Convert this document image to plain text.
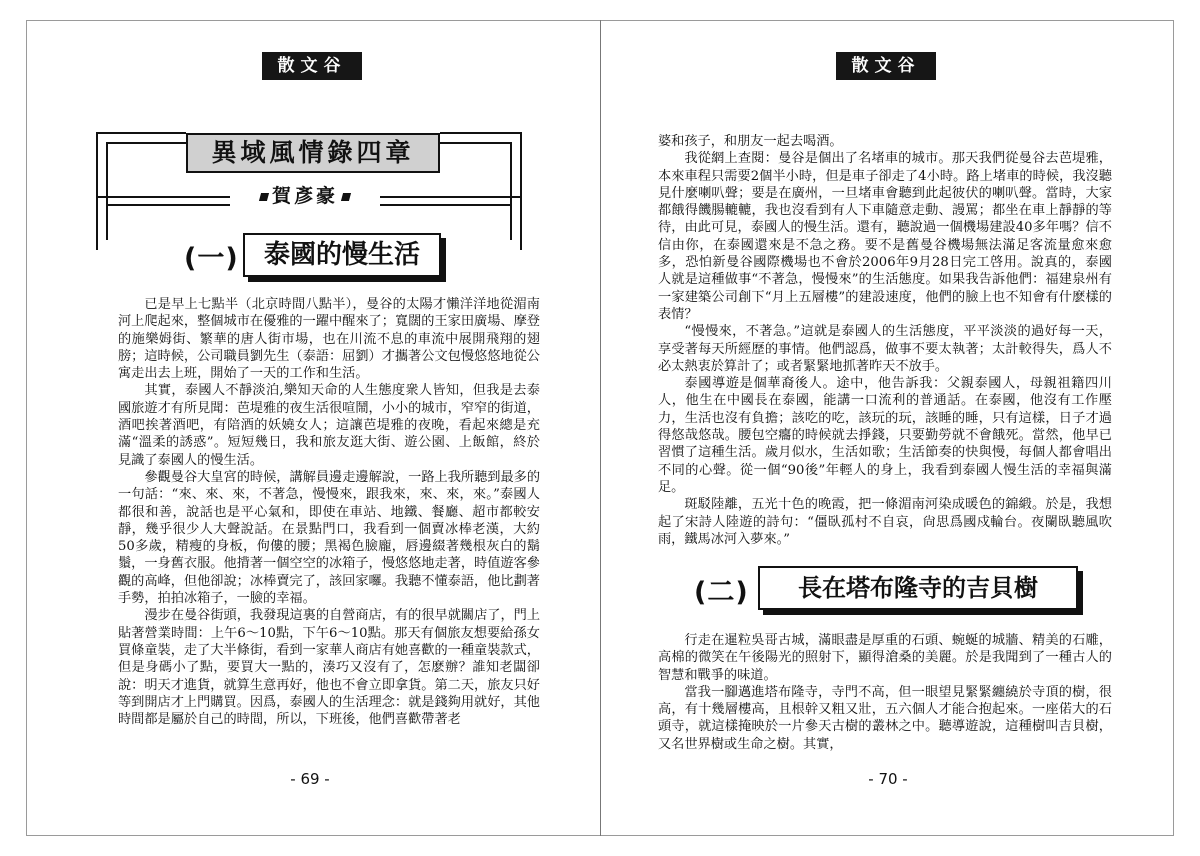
散文谷
異域風情錄四章
賀彥豪
(一) 泰國的慢生活

已是早上七點半（北京時間八點半），曼谷的太陽才懶洋洋地從湄南河上爬起來，整個城市在優雅的一躍中醒來了；寬闊的王家田廣場、摩登的施樂姆街、繁華的唐人街市場，也在川流不息的車流中展開飛翔的翅膀；這時候，公司職員劉先生（泰語：屈劉）才攜著公文包慢悠悠地從公寓走出去上班，開始了一天的工作和生活。

其實，泰國人不靜淡泊,樂知天命的人生態度衆人皆知，但我是去泰國旅遊才有所見聞：芭堤雅的夜生活很喧鬧，小小的城市，窄窄的街道，酒吧挨著酒吧，有陪酒的妖嬈女人；這讓芭堤雅的夜晚，看起來總是充滿“溫柔的誘惑”。短短幾日，我和旅友逛大街、遊公園、上飯館，終於見識了泰國人的慢生活。

參觀曼谷大皇宮的時候，講解員邊走邊解說，一路上我所聽到最多的一句話：“來、來、來，不著急，慢慢來，跟我來，來、來，來。”泰國人都很和善，說話也是平心氣和，即使在車站、地鐵、餐廳、超市都較安靜，幾乎很少人大聲說話。在景點門口，我看到一個賣冰棒老漢，大約50多歲，精瘦的身板，佝僂的腰；黑褐色臉龐，唇邊綴著幾根灰白的鬍鬚，一身舊衣服。他揹著一個空空的冰箱子，慢悠悠地走著，時值遊客參觀的高峰，但他卻說；冰棒賣完了，該回家囉。我聽不懂泰語，他比劃著手勢，拍拍冰箱子，一臉的幸福。

漫步在曼谷街頭，我發現這裏的自營商店，有的很早就關店了，門上貼著營業時間：上午6～10點，下午6～10點。那天有個旅友想要給孫女買條童裝，走了大半條街，看到一家華人商店有她喜歡的一種童裝款式，但是身碼小了點，要買大一點的，湊巧又沒有了，怎麽辦？誰知老闆卻說：明天才進貨，就算生意再好，他也不會立即拿貨。第二天，旅友只好等到開店才上門購買。因爲，泰國人的生活理念：就是錢夠用就好，其他時間都是屬於自己的時間，所以，下班後，他們喜歡帶著老

- 69 -
散文谷

婆和孩子，和朋友一起去喝酒。

我從網上查閱：曼谷是個出了名堵車的城市。那天我們從曼谷去芭堤雅，本來車程只需要2個半小時，但是車子卻走了4小時。路上堵車的時候，我沒聽見什麼喇叭聲；要是在廣州，一旦堵車會聽到此起彼伏的喇叭聲。當時，大家都餓得饑腸轆轆，我也沒看到有人下車隨意走動、謾罵；都坐在車上靜靜的等待，由此可見，泰國人的慢生活。還有，聽說過一個機場建設40多年嗎？信不信由你，在泰國還來是不急之務。要不是舊曼谷機場無法滿足客流量愈來愈多，恐怕新曼谷國際機場也不會於2006年9月28日完工啓用。說真的，泰國人就是這種做事“不著急，慢慢來”的生活態度。如果我告訴他們：福建泉州有一家建築公司創下“月上五層樓”的建設速度，他們的臉上也不知會有什麽樣的表情？

“慢慢來，不著急。”這就是泰國人的生活態度，平平淡淡的過好每一天，享受著每天所經歷的事情。他們認爲，做事不要太執著；太計較得失，爲人不必太熱衷於算計了；或者緊緊地抓著昨天不放手。

泰國導遊是個華裔後人。途中，他告訴我：父親泰國人，母親祖籍四川人，他生在中國長在泰國，能講一口流利的普通話。在泰國，他沒有工作壓力，生活也沒有負擔；該吃的吃，該玩的玩，該睡的睡，只有這樣，日子才過得悠哉悠哉。腰包空癟的時候就去掙錢，只要勤勞就不會餓死。當然，他早已習慣了這種生活。歲月似水，生活如歌；生活節奏的快與慢，每個人都會唱出不同的心聲。從一個“90後”年輕人的身上，我看到泰國人慢生活的幸福與滿足。

斑駁陸離，五光十色的晚霞，把一條湄南河染成暖色的錦緞。於是，我想起了宋詩人陸遊的詩句：“僵臥孤村不自哀，尙思爲國戍輪台。夜闌臥聽風吹雨，鐵馬冰河入夢來。”

(二)	長在塔布隆寺的吉貝樹

行走在暹粒吳哥古城，滿眼盡是厚重的石頭、蜿蜒的城牆、精美的石雕，高棉的微笑在午後陽光的照射下，顯得滄桑的美麗。於是我聞到了一種古人的智慧和戰爭的味道。

當我一腳邁進塔布隆寺，寺門不高，但一眼望見緊緊纏繞於寺頂的樹，很高，有十幾層樓高，且根幹又粗又壯，五六個人才能合抱起來。一座偌大的石頭寺，就這樣掩映於一片參天古樹的叢林之中。聽導遊說，這種樹叫吉貝樹，又名世界樹或生命之樹。其實，

- 70 -
